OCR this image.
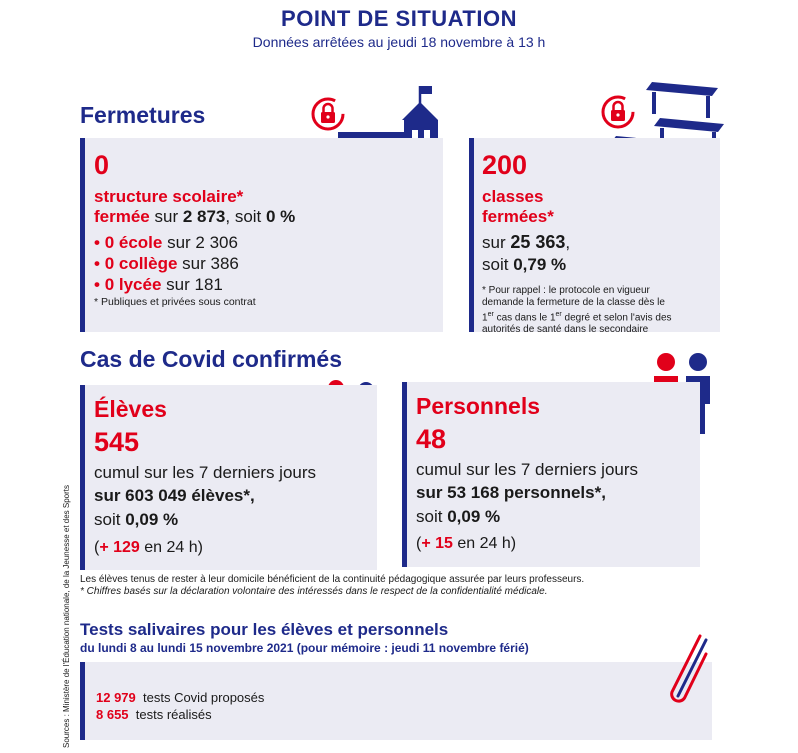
POINT DE SITUATION
Données arrêtées au jeudi 18 novembre à 13 h
Fermetures
0
structure scolaire*
fermée sur 2 873, soit 0 %
• 0 école sur 2 306
• 0 collège sur 386
• 0 lycée sur 181
* Publiques et privées sous contrat
200
classes
fermées*
sur 25 363,
soit 0,79 %
* Pour rappel : le protocole en vigueur
demande la fermeture de la classe dès le
1er cas dans le 1er degré et selon l'avis des
autorités de santé dans le secondaire
Cas de Covid confirmés
Élèves
545
cumul sur les 7 derniers jours
sur 603 049 élèves*,
soit 0,09 %
(+ 129 en 24 h)
Personnels
48
cumul sur les 7 derniers jours
sur 53 168 personnels*,
soit 0,09 %
(+ 15 en 24 h)
Les élèves tenus de rester à leur domicile bénéficient de la continuité pédagogique assurée par leurs professeurs.
* Chiffres basés sur la déclaration volontaire des intéressés dans le respect de la confidentialité médicale.
Tests salivaires pour les élèves et personnels
du lundi 8 au lundi 15 novembre 2021 (pour mémoire : jeudi 11 novembre férié)
12 979 tests Covid proposés
8 655 tests réalisés
Sources : Ministère de l'Éducation nationale, de la Jeunesse et des Sports
